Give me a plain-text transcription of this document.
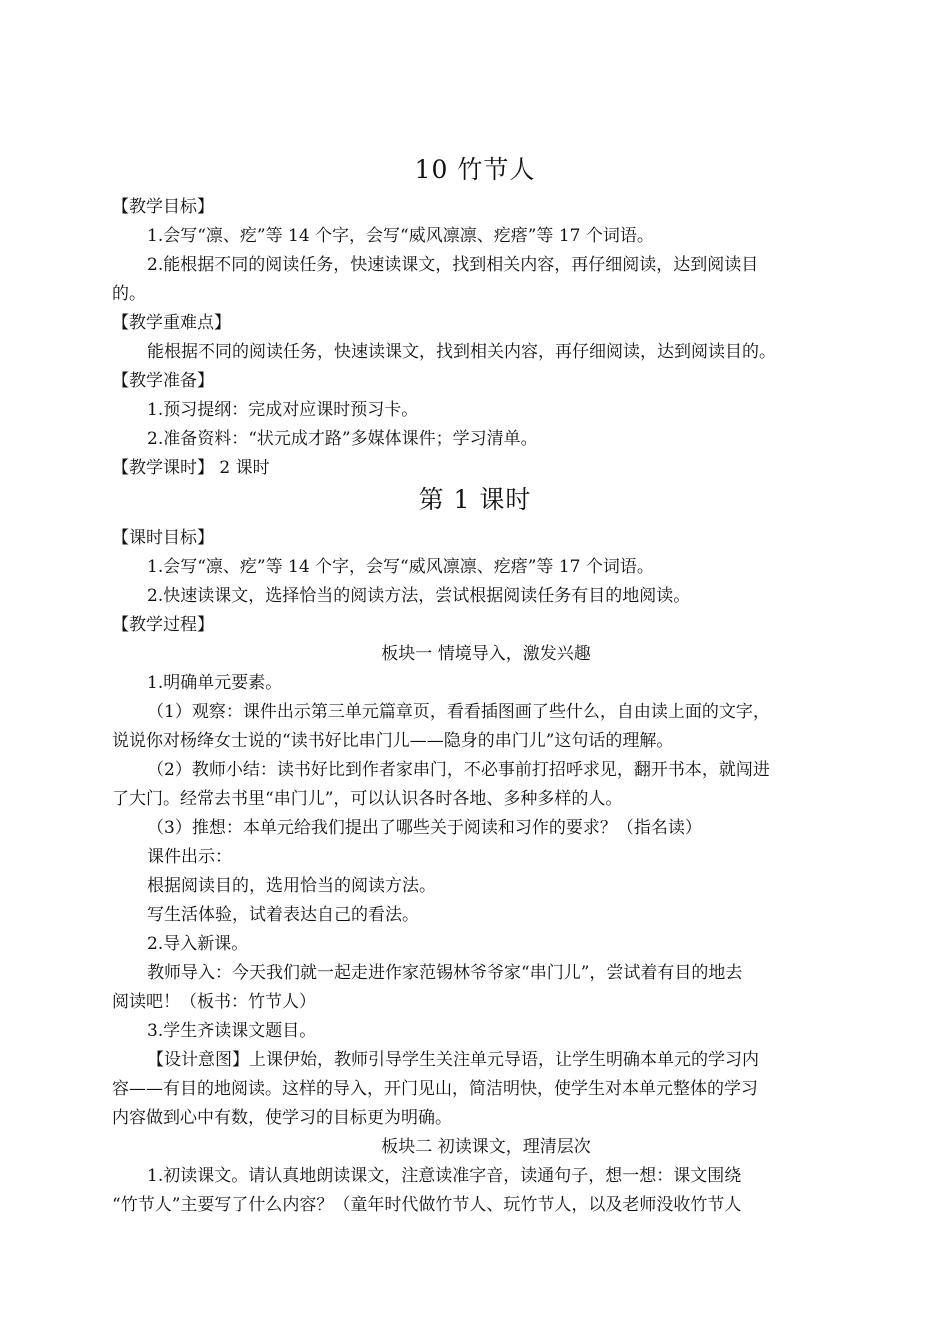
10 竹节人
第 1 课时
【教学目标】
1.会写“凛、疙”等 14 个字，会写“威风凛凛、疙瘩”等 17 个词语。
2.能根据不同的阅读任务，快速读课文，找到相关内容，再仔细阅读，达到阅读目
的。
【教学重难点】
能根据不同的阅读任务，快速读课文，找到相关内容，再仔细阅读，达到阅读目的。
【教学准备】
1.预习提纲：完成对应课时预习卡。
2.准备资料：“状元成才路”多媒体课件；学习清单。
【教学课时】 2 课时
【课时目标】
1.会写“凛、疙”等 14 个字，会写“威风凛凛、疙瘩”等 17 个词语。
2.快速读课文，选择恰当的阅读方法，尝试根据阅读任务有目的地阅读。
【教学过程】
板块一 情境导入，激发兴趣
1.明确单元要素。
（1）观察：课件出示第三单元篇章页，看看插图画了些什么，自由读上面的文字，
说说你对杨绛女士说的“读书好比串门儿——隐身的串门儿”这句话的理解。
（2）教师小结：读书好比到作者家串门，不必事前打招呼求见，翻开书本，就闯进
了大门。经常去书里“串门儿”，可以认识各时各地、多种多样的人。
（3）推想：本单元给我们提出了哪些关于阅读和习作的要求？（指名读）
课件出示：
根据阅读目的，选用恰当的阅读方法。
写生活体验，试着表达自己的看法。
2.导入新课。
教师导入：今天我们就一起走进作家范锡林爷爷家“串门儿”，尝试着有目的地去
阅读吧！（板书：竹节人）
3.学生齐读课文题目。
【设计意图】上课伊始，教师引导学生关注单元导语，让学生明确本单元的学习内
容——有目的地阅读。这样的导入，开门见山，简洁明快，使学生对本单元整体的学习
内容做到心中有数，使学习的目标更为明确。
板块二 初读课文，理清层次
1.初读课文。请认真地朗读课文，注意读准字音，读通句子，想一想：课文围绕
“竹节人”主要写了什么内容？（童年时代做竹节人、玩竹节人，以及老师没收竹节人
